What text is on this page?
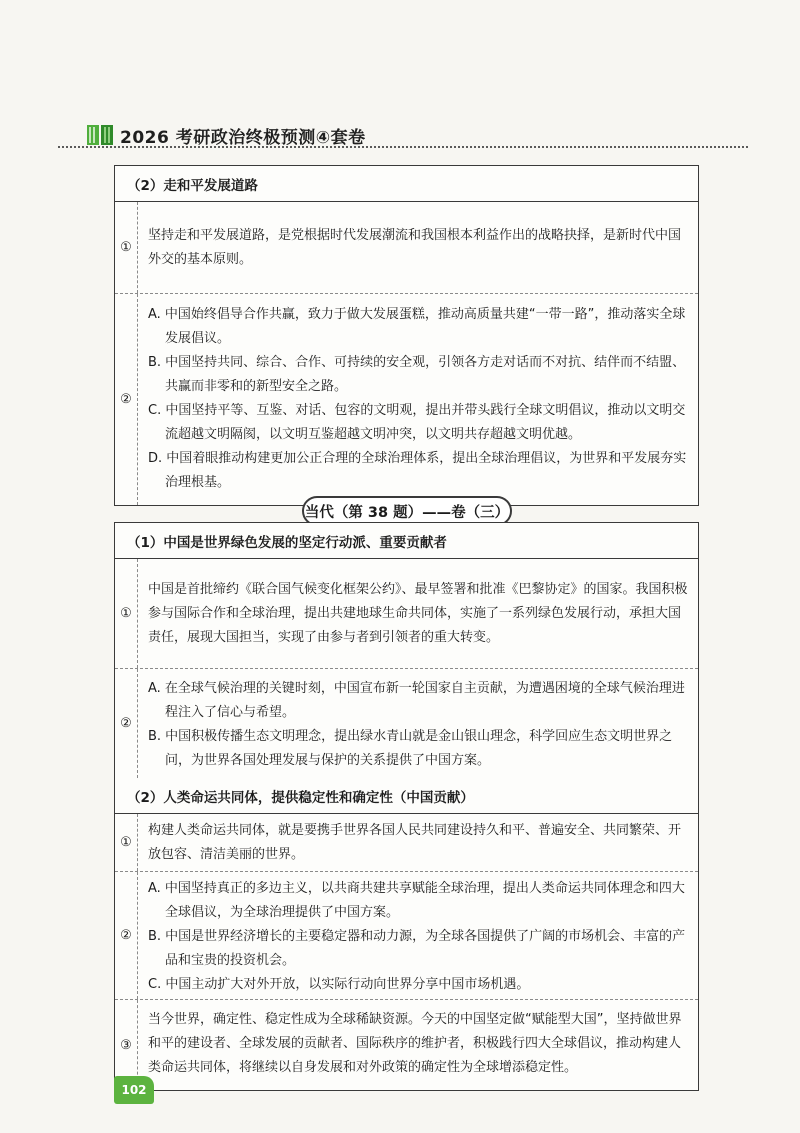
2026 考研政治终极预测④套卷
（2）走和平发展道路
①

坚持走和平发展道路，是党根据时代发展潮流和我国根本利益作出的战略抉择，是新时代中国外交的基本原则。

②

A. 中国始终倡导合作共赢，致力于做大发展蛋糕，推动高质量共建“一带一路”，推动落实全球发展倡议。

B. 中国坚持共同、综合、合作、可持续的安全观，引领各方走对话而不对抗、结伴而不结盟、共赢而非零和的新型安全之路。

C. 中国坚持平等、互鉴、对话、包容的文明观，提出并带头践行全球文明倡议，推动以文明交流超越文明隔阂，以文明互鉴超越文明冲突，以文明共存超越文明优越。

D. 中国着眼推动构建更加公正合理的全球治理体系，提出全球治理倡议，为世界和平发展夯实治理根基。

当代（第 38 题）——卷（三）
（1）中国是世界绿色发展的坚定行动派、重要贡献者
①

中国是首批缔约《联合国气候变化框架公约》、最早签署和批准《巴黎协定》的国家。我国积极参与国际合作和全球治理，提出共建地球生命共同体，实施了一系列绿色发展行动，承担大国责任，展现大国担当，实现了由参与者到引领者的重大转变。

②

A. 在全球气候治理的关键时刻，中国宣布新一轮国家自主贡献，为遭遇困境的全球气候治理进程注入了信心与希望。

B. 中国积极传播生态文明理念，提出绿水青山就是金山银山理念，科学回应生态文明世界之问，为世界各国处理发展与保护的关系提供了中国方案。

（2）人类命运共同体，提供稳定性和确定性（中国贡献）
①

构建人类命运共同体，就是要携手世界各国人民共同建设持久和平、普遍安全、共同繁荣、开放包容、清洁美丽的世界。

②

A. 中国坚持真正的多边主义，以共商共建共享赋能全球治理，提出人类命运共同体理念和四大全球倡议，为全球治理提供了中国方案。

B. 中国是世界经济增长的主要稳定器和动力源，为全球各国提供了广阔的市场机会、丰富的产品和宝贵的投资机会。

C. 中国主动扩大对外开放，以实际行动向世界分享中国市场机遇。

③

当今世界，确定性、稳定性成为全球稀缺资源。今天的中国坚定做“赋能型大国”，坚持做世界和平的建设者、全球发展的贡献者、国际秩序的维护者，积极践行四大全球倡议，推动构建人类命运共同体，将继续以自身发展和对外政策的确定性为全球增添稳定性。

102
